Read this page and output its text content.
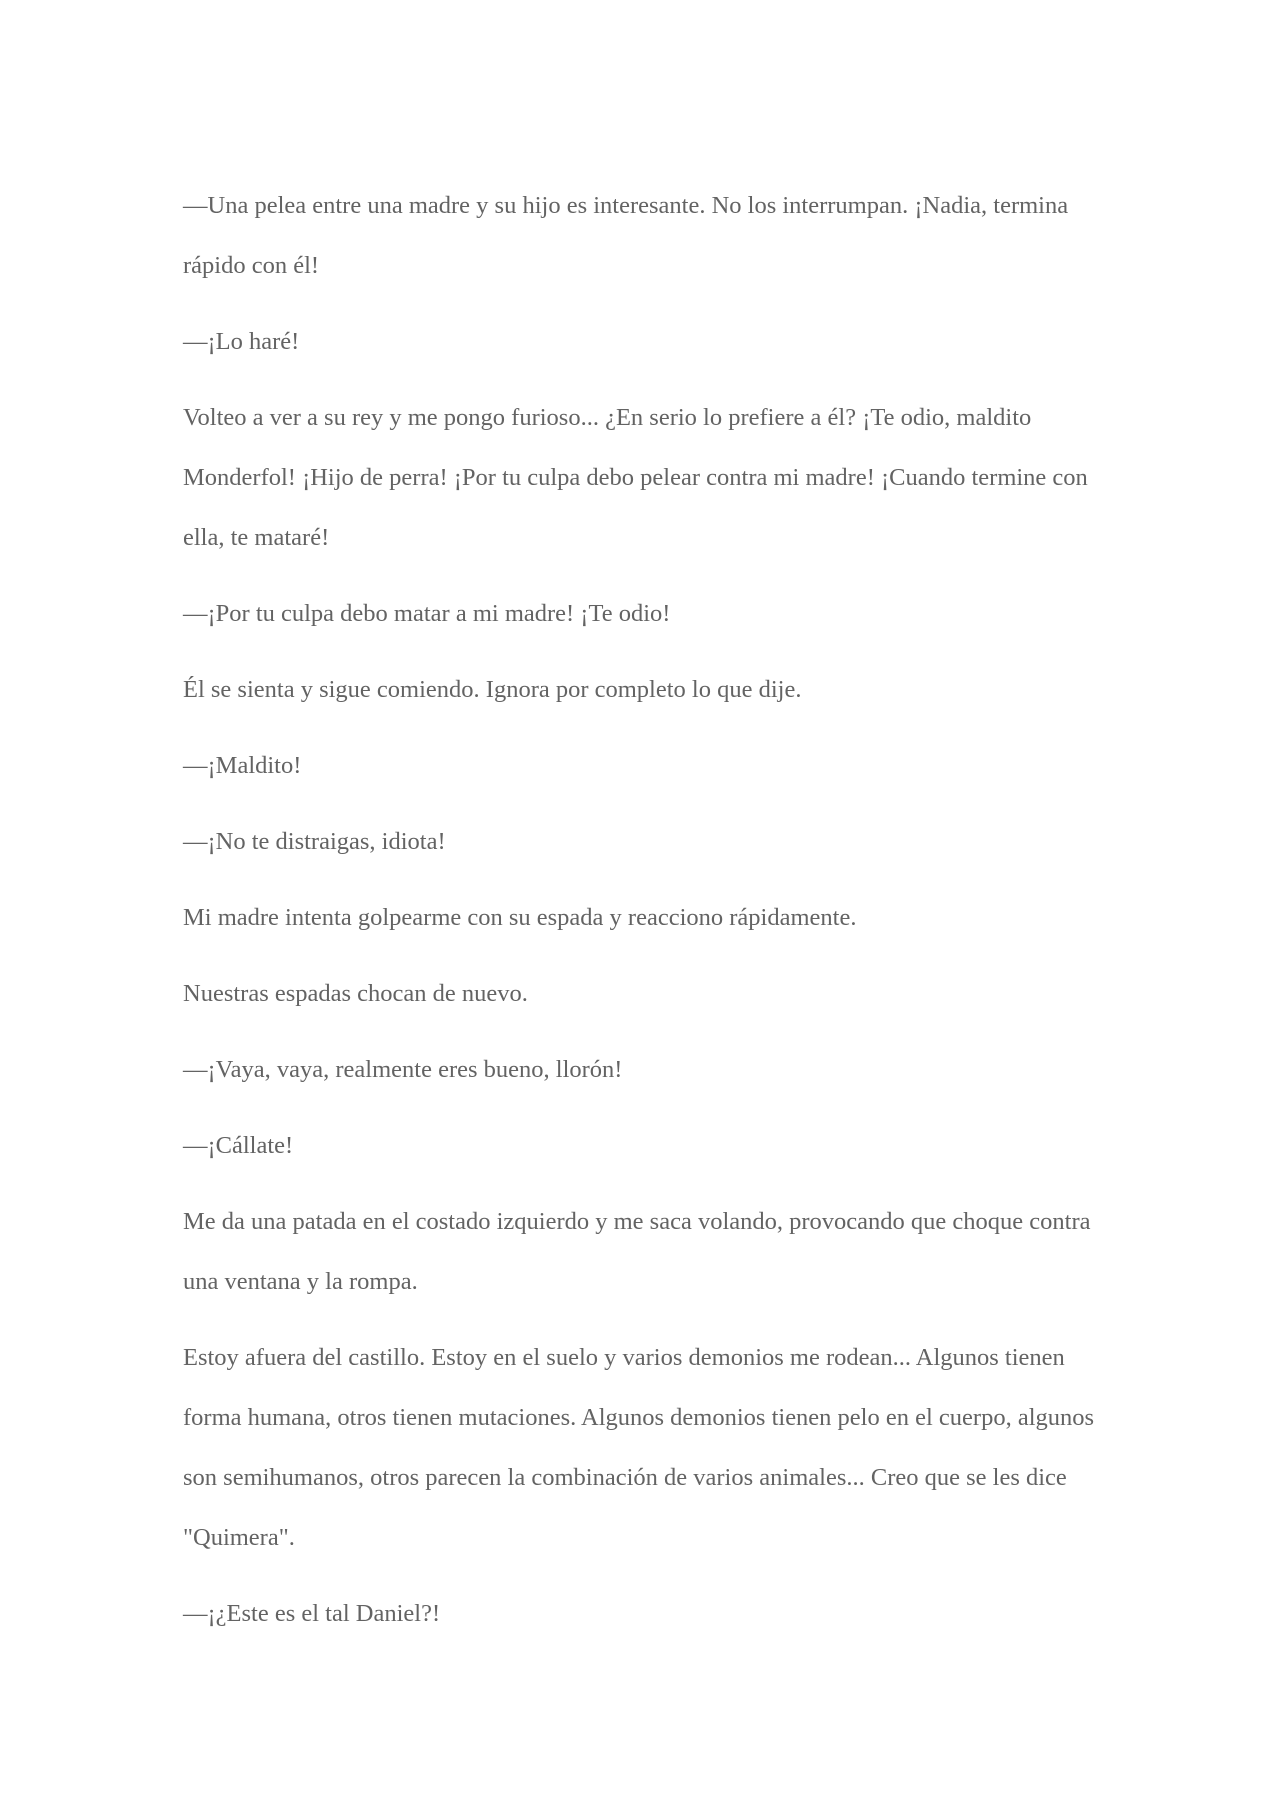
—Una pelea entre una madre y su hijo es interesante. No los interrumpan. ¡Nadia, termina rápido con él!

—¡Lo haré!

Volteo a ver a su rey y me pongo furioso... ¿En serio lo prefiere a él? ¡Te odio, maldito Monderfol! ¡Hijo de perra! ¡Por tu culpa debo pelear contra mi madre! ¡Cuando termine con ella, te mataré!

—¡Por tu culpa debo matar a mi madre! ¡Te odio!

Él se sienta y sigue comiendo. Ignora por completo lo que dije.

—¡Maldito!

—¡No te distraigas, idiota!

Mi madre intenta golpearme con su espada y reacciono rápidamente.

Nuestras espadas chocan de nuevo.

—¡Vaya, vaya, realmente eres bueno, llorón!

—¡Cállate!

Me da una patada en el costado izquierdo y me saca volando, provocando que choque contra una ventana y la rompa.

Estoy afuera del castillo. Estoy en el suelo y varios demonios me rodean... Algunos tienen forma humana, otros tienen mutaciones. Algunos demonios tienen pelo en el cuerpo, algunos son semihumanos, otros parecen la combinación de varios animales... Creo que se les dice "Quimera".

—¡¿Este es el tal Daniel?!
